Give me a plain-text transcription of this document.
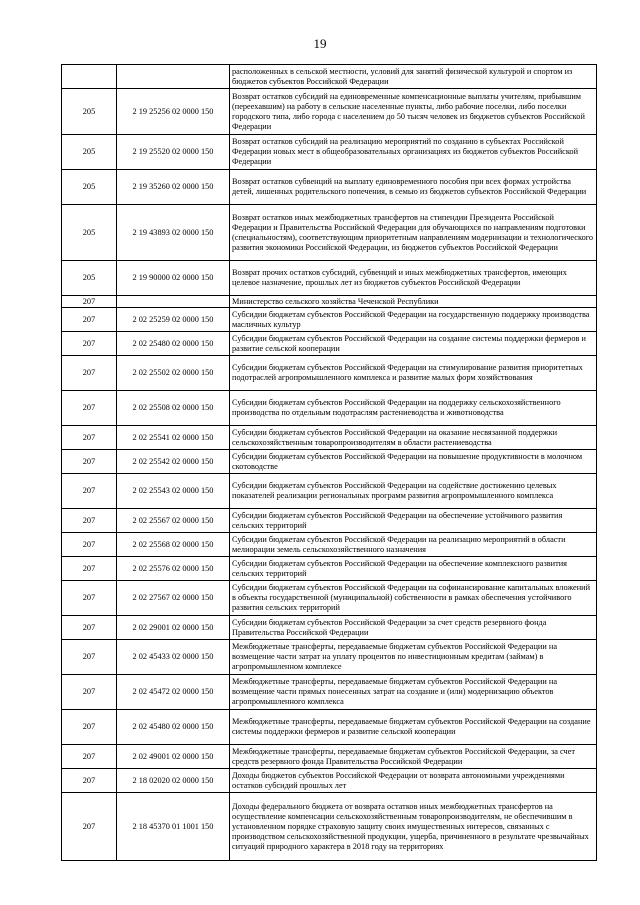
19
		расположенных в сельской местности, условий для занятий физической культурой и спортом из бюджетов субъектов Российской Федерации
205	2 19 25256 02 0000 150	Возврат остатков субсидий на единовременные компенсационные выплаты учителям, прибывшим (переехавшим) на работу в сельские населенные пункты, либо рабочие поселки, либо поселки городского типа, либо города с населением до 50 тысяч человек из бюджетов субъектов Российской Федерации
205	2 19 25520 02 0000 150	Возврат остатков субсидий на реализацию мероприятий по созданию в субъектах Российской Федерации новых мест в общеобразовательных организациях из бюджетов субъектов Российской Федерации
205	2 19 35260 02 0000 150	Возврат остатков субвенций на выплату единовременного пособия при всех формах устройства детей, лишенных родительского попечения, в семью из бюджетов субъектов Российской Федерации
205	2 19 43893 02 0000 150	Возврат остатков иных межбюджетных трансфертов на стипендии Президента Российской Федерации и Правительства Российской Федерации для обучающихся по направлениям подготовки (специальностям), соответствующим приоритетным направлениям модернизации и технологического развития экономики Российской Федерации, из бюджетов субъектов Российской Федерации
205	2 19 90000 02 0000 150	Возврат прочих остатков субсидий, субвенций и иных межбюджетных трансфертов, имеющих целевое назначение, прошлых лет из бюджетов субъектов Российской Федерации
207		Министерство сельского хозяйства Чеченской Республики
207	2 02 25259 02 0000 150	Субсидии бюджетам субъектов Российской Федерации на государственную поддержку производства масличных культур
207	2 02 25480 02 0000 150	Субсидии бюджетам субъектов Российской Федерации на создание системы поддержки фермеров и развитие сельской кооперации
207	2 02 25502 02 0000 150	Субсидии бюджетам субъектов Российской Федерации на стимулирование развития приоритетных подотраслей агропромышленного комплекса и развитие малых форм хозяйствования
207	2 02 25508 02 0000 150	Субсидии бюджетам субъектов Российской Федерации на поддержку сельскохозяйственного производства по отдельным подотраслям растениеводства и животноводства
207	2 02 25541 02 0000 150	Субсидии бюджетам субъектов Российской Федерации на оказание несвязанной поддержки сельскохозяйственным товаропроизводителям в области растениеводства
207	2 02 25542 02 0000 150	Субсидии бюджетам субъектов Российской Федерации на повышение продуктивности в молочном скотоводстве
207	2 02 25543 02 0000 150	Субсидии бюджетам субъектов Российской Федерации на содействие достижению целевых показателей реализации региональных программ развития агропромышленного комплекса
207	2 02 25567 02 0000 150	Субсидии бюджетам субъектов Российской Федерации на обеспечение устойчивого развития сельских территорий
207	2 02 25568 02 0000 150	Субсидии бюджетам субъектов Российской Федерации на реализацию мероприятий в области мелиорации земель сельскохозяйственного назначения
207	2 02 25576 02 0000 150	Субсидии бюджетам субъектов Российской Федерации на обеспечение комплексного развития сельских территорий
207	2 02 27567 02 0000 150	Субсидии бюджетам субъектов Российской Федерации на софинансирование капитальных вложений в объекты государственной (муниципальной) собственности в рамках обеспечения устойчивого развития сельских территорий
207	2 02 29001 02 0000 150	Субсидии бюджетам субъектов Российской Федерации за счет средств резервного фонда Правительства Российской Федерации
207	2 02 45433 02 0000 150	Межбюджетные трансферты, передаваемые бюджетам субъектов Российской Федерации на возмещение части затрат на уплату процентов по инвестиционным кредитам (займам) в агропромышленном комплексе
207	2 02 45472 02 0000 150	Межбюджетные трансферты, передаваемые бюджетам субъектов Российской Федерации на возмещение части прямых понесенных затрат на создание и (или) модернизацию объектов агропромышленного комплекса
207	2 02 45480 02 0000 150	Межбюджетные трансферты, передаваемые бюджетам субъектов Российской Федерации на создание системы поддержки фермеров и развитие сельской кооперации
207	2 02 49001 02 0000 150	Межбюджетные трансферты, передаваемые бюджетам субъектов Российской Федерации, за счет средств резервного фонда Правительства Российской Федерации
207	2 18 02020 02 0000 150	Доходы бюджетов субъектов Российской Федерации от возврата автономными учреждениями остатков субсидий прошлых лет
207	2 18 45370 01 1001 150	Доходы федерального бюджета от возврата остатков иных межбюджетных трансфертов на осуществление компенсации сельскохозяйственным товаропроизводителям, не обеспечившим в установленном порядке страховую защиту своих имущественных интересов, связанных с производством сельскохозяйственной продукции, ущерба, причиненного в результате чрезвычайных ситуаций природного характера в 2018 году на территориях
